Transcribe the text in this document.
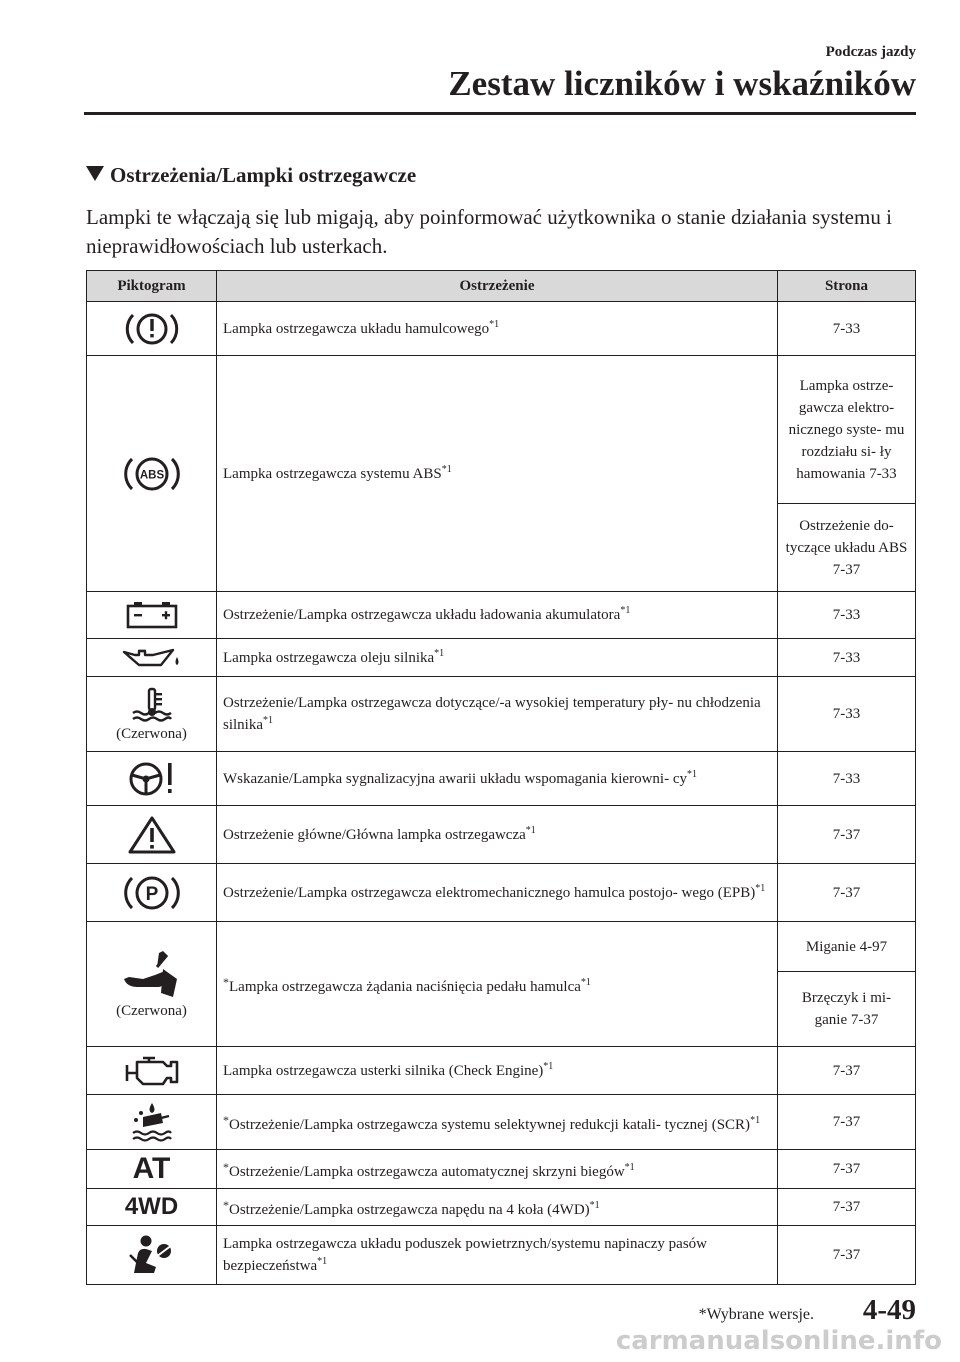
Podczas jazdy
Zestaw liczników i wskaźników
Ostrzeżenia/Lampki ostrzegawcze
Lampki te włączają się lub migają, aby poinformować użytkownika o stanie działania systemu i nieprawidłowościach lub usterkach.
Piktogram	Ostrzeżenie	Strona

	Lampka ostrzegawcza układu hamulcowego$^{*1}$	7-33

ABS	Lampka ostrzegawcza systemu ABS$^{*1}$	Lampka ostrze- gawcza elektro- nicznego syste- mu rozdziału si- ły hamowania 7-33
		Ostrzeżenie do- tyczące układu ABS 7-37

	Ostrzeżenie/Lampka ostrzegawcza układu ładowania akumulatora$^{*1}$	7-33

	Lampka ostrzegawcza oleju silnika$^{*1}$	7-33

(Czerwona)	Ostrzeżenie/Lampka ostrzegawcza dotyczące/-a wysokiej temperatury pły- nu chłodzenia silnika$^{*1}$	7-33

	Wskazanie/Lampka sygnalizacyjna awarii układu wspomagania kierowni- $cy^{*1}$	7-33

	Ostrzeżenie główne/Główna lampka ostrzegawcza$^{*1}$	7-37

P	Ostrzeżenie/Lampka ostrzegawcza elektromechanicznego hamulca postojo- wego (EPB)$^{*1}$	7-37

(Czerwona)	*Lampka ostrzegawcza żądania naciśnięcia pedału hamulca$^{*1}$	Miganie 4-97
		Brzęczyk i mi- ganie 7-37

	Lampka ostrzegawcza usterki silnika (Check Engine)$^{*1}$	7-37

	*Ostrzeżenie/Lampka ostrzegawcza systemu selektywnej redukcji katali- tycznej (SCR)$^{*1}$	7-37
AT	*Ostrzeżenie/Lampka ostrzegawcza automatycznej skrzyni biegów$^{*1}$	7-37
4WD	*Ostrzeżenie/Lampka ostrzegawcza napędu na 4 koła $(4WD)^{*1}$	7-37

	Lampka ostrzegawcza układu poduszek powietrznych/systemu napinaczy pasów bezpieczeństwa$^{*1}$	7-37
*Wybrane wersje. 4-49
carmanualsonline.info
